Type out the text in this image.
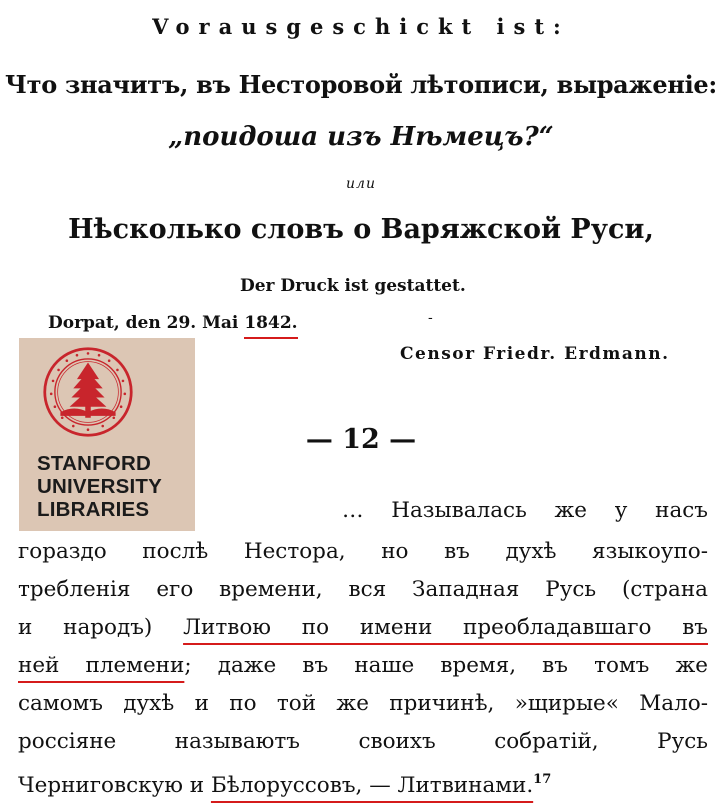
Vorausgeschickt ist:
Что значитъ, въ Несторовой лѣтописи, выраженіе:
„поидоша изъ Нѣмецъ?“
или
Нѣсколько словъ о Варяжской Руси,
Der Druck ist gestattet.
Dorpat, den 29. Mai 1842.	-
Censor Friedr. Erdmann.
STANFORD
UNIVERSITY
LIBRARIES
— 12 —
… Называлась же у насъ
гораздо послѣ Нестора, но въ духѣ языкоупо-
требленія его времени, вся Западная Русь (страна
и народъ) Литвою по имени преобладавшаго въ
ней племени; даже въ наше время, въ томъ же
самомъ духѣ и по той же причинѣ, »щирые« Мало-
россіяне называютъ своихъ собратій, Русь
Черниговскую и Бѣлоруссовъ, — Литвинами.$^{17}$
